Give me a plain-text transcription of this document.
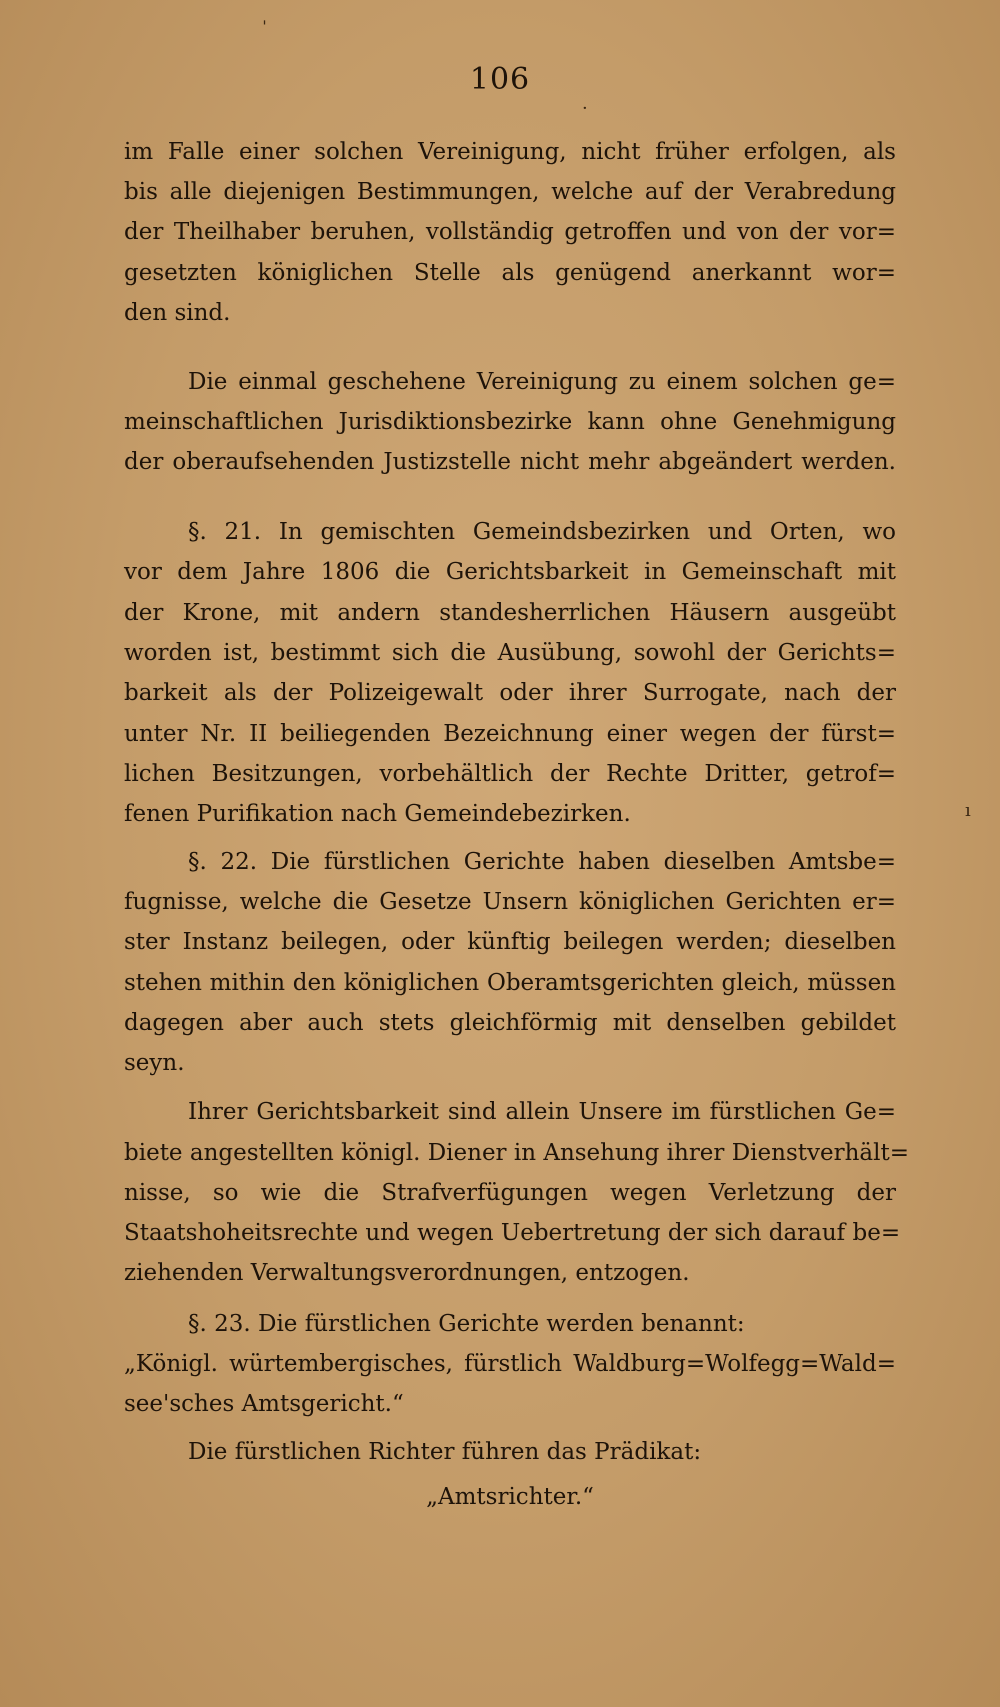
106
im Falle einer solchen Vereinigung, nicht früher erfolgen, als
bis alle diejenigen Bestimmungen, welche auf der Verabredung
der Theilhaber beruhen, vollständig getroffen und von der vor=
gesetzten königlichen Stelle als genügend anerkannt wor=
den sind.
Die einmal geschehene Vereinigung zu einem solchen ge=
meinschaftlichen Jurisdiktionsbezirke kann ohne Genehmigung
der oberaufsehenden Justizstelle nicht mehr abgeändert werden.
§. 21. In gemischten Gemeindsbezirken und Orten, wo
vor dem Jahre 1806 die Gerichtsbarkeit in Gemeinschaft mit
der Krone, mit andern standesherrlichen Häusern ausgeübt
worden ist, bestimmt sich die Ausübung, sowohl der Gerichts=
barkeit als der Polizeigewalt oder ihrer Surrogate, nach der
unter Nr. II beiliegenden Bezeichnung einer wegen der fürst=
lichen Besitzungen, vorbehältlich der Rechte Dritter, getrof=
fenen Purifikation nach Gemeindebezirken.
§. 22. Die fürstlichen Gerichte haben dieselben Amtsbe=
fugnisse, welche die Gesetze Unsern königlichen Gerichten er=
ster Instanz beilegen, oder künftig beilegen werden; dieselben
stehen mithin den königlichen Oberamtsgerichten gleich, müssen
dagegen aber auch stets gleichförmig mit denselben gebildet
seyn.
Ihrer Gerichtsbarkeit sind allein Unsere im fürstlichen Ge=
biete angestellten königl. Diener in Ansehung ihrer Dienstverhält=
nisse, so wie die Strafverfügungen wegen Verletzung der
Staatshoheitsrechte und wegen Uebertretung der sich darauf be=
ziehenden Verwaltungsverordnungen, entzogen.
§. 23. Die fürstlichen Gerichte werden benannt:
„Königl. würtembergisches, fürstlich Waldburg=Wolfegg=Wald=
see'sches Amtsgericht.“
Die fürstlichen Richter führen das Prädikat:
„Amtsrichter.“
ˈ
·
ı
